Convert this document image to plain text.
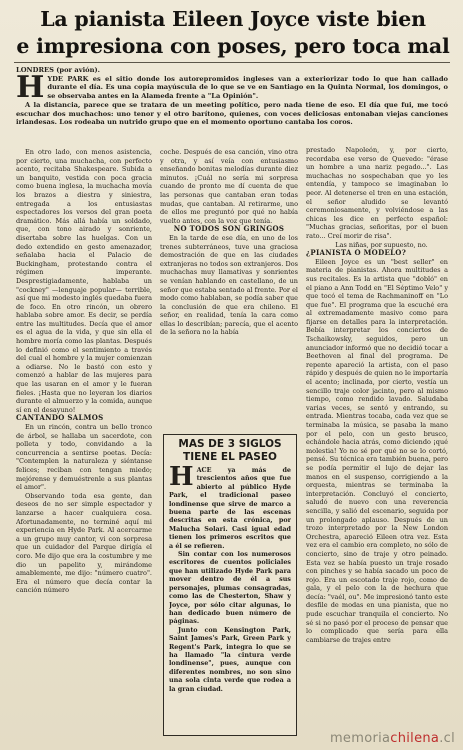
La pianista Eileen Joyce viste bien
e impresiona con poses, pero toca mal

LONDRES (por avión).

H YDE PARK es el sitio donde los autorepromidos ingleses van a exteriorizar todo lo que han callado durante el día. Es una copia mayúscula de lo que se ve en Santiago en la Quinta Normal, los domingos, o se observaba antes en la Alameda frente a "La Opinión".

A la distancia, parece que se tratara de un meeting político, pero nada tiene de eso. El día que fui, me tocó escuchar dos muchachos: uno tenor y el otro barítono, quienes, con voces deliciosas entonaban viejas canciones irlandesas. Los rodeaba un nutrido grupo que en el momento oportuno cantaba los coros.

En otro lado, con menos asistencia, por cierto, una muchacha, con perfecto acento, recitaba Shakespeare. Subida a un banquito, vestida con poca gracia como buena inglesa, la muchacha movía los brazos a diestra y siniestra, entregada a los entusiastas espectadores los versos del gran poeta dramático. Más allá había un soldado, que, con tono airado y sonriente, disertaba sobre las huelgas. Con un dedo extendido en gesto amenazador, señalaba hacia el Palacio de Buckingham, protestando contra el régimen imperante. Desprestigiadamente, hablaba un "cockney" —lenguaje popular— terrible, así que mi modesto inglés quedaba fuera de foco. En otro rincón, un obrero hablaba sobre amor. Es decir, se perdía entre las multitudes. Decía que el amor es el agua de la vida, y que sin ella el hombre moría como las plantas. Después lo definió como el sentimiento a través del cual el hombre y la mujer comienzan a odiarse. No le bastó con esto y comenzó a hablar de las mujeres para que las usaran en el amor y le fueran fieles. ¡Hasta que no leyeran los diarios durante el almuerzo y la comida, aunque sí en el desayuno!

CANTANDO SALMOS

En un rincón, contra un bello tronco de árbol, se hallaba un sacerdote, con polleta y todo, convidando a la concurrencia a sentirse poetas. Decía: "Contemplen la naturaleza y siéntanse felices; reciban con tengan miedo; mejórense y demuéstrenle a sus plantas el amor".

Observando toda esa gente, dan deseos de no ser simple espectador y lanzarse a hacer cualquiera cosa. Afortunadamente, no terminé aquí mi experiencia en Hyde Park. Al acercarme a un grupo muy cantor, vi con sorpresa que un cuidador del Parque dirigía el coro. Me dijo que era la costumbre y me dio un papelito y, mirándome amablemente, me dijo: "número cuatro". Era el número que decía contar la canción número

coche. Después de esa canción, vino otra y otra, y así veía con entusiasmo enseñando bonitas melodías durante diez minutos. ¡Cuál no sería mi sorpresa cuando de pronto me dí cuenta de que las personas que cantaban eran todas mudas, que cantaban. Al retirarme, uno de ellos me preguntó por qué no había vuelto antes, con la voz que tenía.

NO TODOS SON GRINGOS

En la tarde de ese día, en uno de los trenes subterráneos, tuve una graciosa demostración de que en las ciudades extranjeras no todos son extranjeros. Dos muchachas muy llamativas y sonrientes se venían hablando en castellano, de un señor que estaba sentado al frente. Por el modo como hablaban, se podía saber que la conclusión de que era chileno. El señor, en realidad, tenía la cara como ellas lo describían; parecía, que el acento de la señora no la había

MAS DE 3 SIGLOS
TIENE EL PASEO
H ACE ya más de trescientos años que fue abierto al público Hyde Park, el tradicional paseo londinense que sirve de marco a buena parte de las escenas descritas en esta crónica, por Malucha Solari. Casi igual edad tienen los primeros escritos que a él se refieren.

Sin contar con los numerosos escritores de cuentos policiales que han utilizado Hyde Park para mover dentro de él a sus personajes, plumas consagradas, como las de Chesterton, Shaw y Joyce, por sólo citar algunas, lo han dedicado buen número de páginas.

Junto con Kensington Park, Saint James's Park, Green Park y Regent's Park, integra lo que se ha llamado "la cintura verde londinense", pues, aunque con diferentes nombres, no son sino una sola cinta verde que rodea a la gran ciudad.

prestado Napoleón, y, por cierto, recordaba ese verso de Quevedo: "érase un hombre a una nariz pegado...". Las muchachas no sospechaban que yo les entendía, y tampoco se imaginaban lo peor. Al detenerse el tren en una estación, el señor aludido se levantó ceremoniosamente, y volviéndose a las chicas les dice en perfecto español: "Muchas gracias, señoritas, por el buen rato... Creí morir de risa".

Las niñas, por supuesto, no.

¿PIANISTA O MODELO?

Eileen Joyce es un "best seller" en materia de pianistas. Ahora multitudes a sus recitales. Es la artista que "dobló" en el piano a Ann Todd en "El Séptimo Velo" y que tocó el tema de Rachmaninoff en "Lo que fue". El programa que la escuché era al extremadamente masivo como para fijarse en detalles para la interpretación. Bebía interpretar los conciertos de Tschaikowsky, seguidos, pero un anunciador informó que no decidió tocar a Beethoven al final del programa. De repente apareció la artista, con el paso rápido y después de quien no le importaría el acento; inclinada, por cierto, vestía un sencillo traje color jacinto, pero al mismo tiempo, como rendido lavado. Saludaba varias veces, se sentó y entrando, su entrada. Mientras tocaba, cada vez que se terminaba la música, se pasaba la mano por el pelo, con un gesto brusco, echándole hacia atrás, como diciendo ¡qué molestia! Yo no sé por qué no se lo cortó, pensé. Su técnica era también buena, pero se podía permitir el lujo de dejar las manos en el suspenso, corrigiendo a la orquesta, mientras se terminaba la interpretación. Concluyó el concierto, saludó de nuevo con una reverencia sencilla, y salió del escenario, seguida por un prolongado aplauso. Después de un trozo interpretado por la New London Orchestra, apareció Eileen otra vez. Esta vez era el cambio era completo, no sólo de concierto, sino de traje y otro peinado. Esta vez se había puesto un traje rosado con pinches y se había sacado un poco de rojo. Era un escotado traje rojo, como de gala, y el pelo con la de hechura que decía: "vaél, ou". Me impresionó tanto este desfile de modas en una pianista, que no pude escuchar tranquila el concierto. No sé si no pasó por el proceso de pensar que lo complicado que sería para ella cambiarse de trajes entre

memoriachilena.cl
